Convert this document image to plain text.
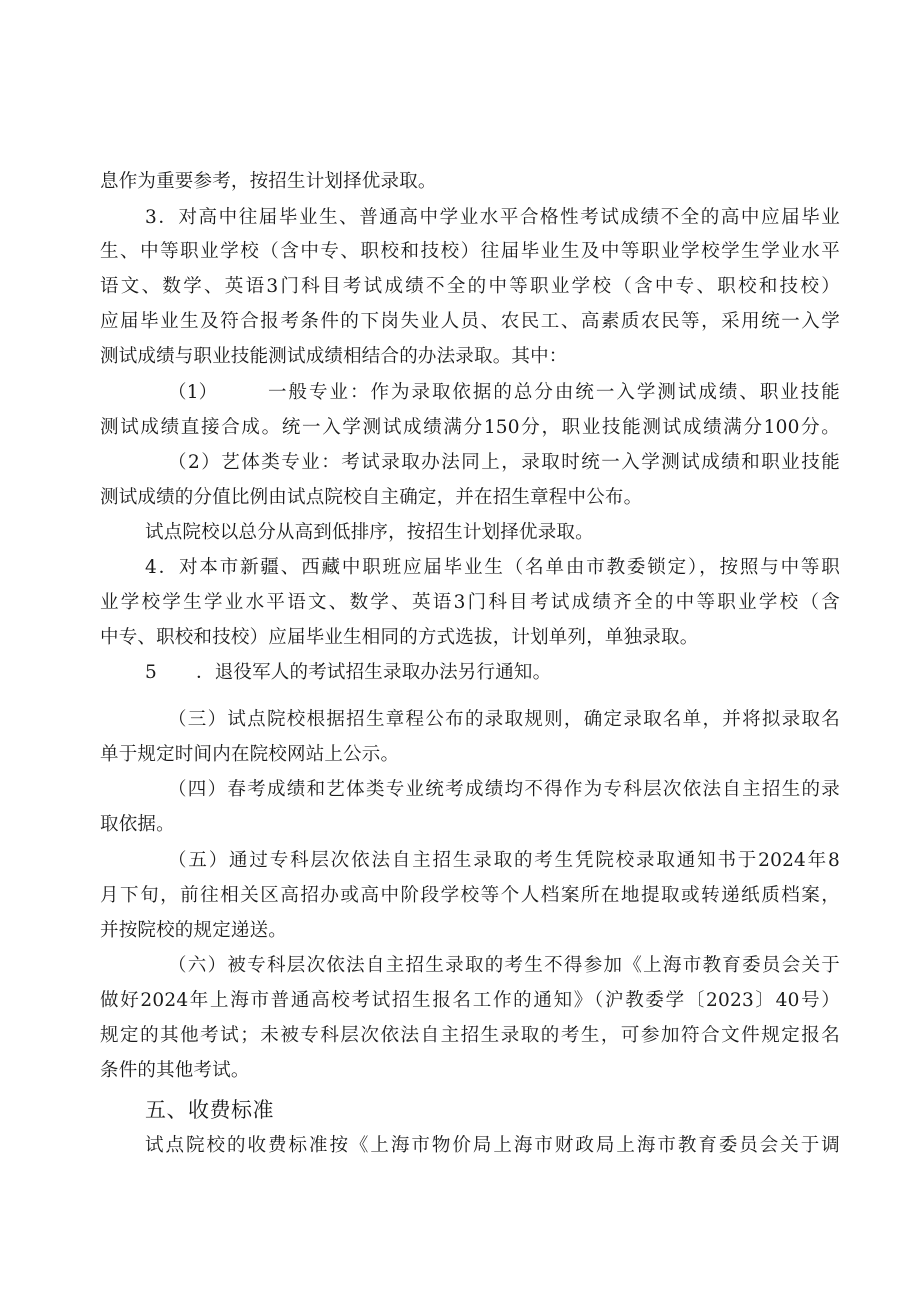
息作为重要参考，按招生计划择优录取。
3．对高中往届毕业生、普通高中学业水平合格性考试成绩不全的高中应届毕业
生、中等职业学校（含中专、职校和技校）往届毕业生及中等职业学校学生学业水平
语文、数学、英语3门科目考试成绩不全的中等职业学校（含中专、职校和技校）
应届毕业生及符合报考条件的下岗失业人员、农民工、高素质农民等，采用统一入学
测试成绩与职业技能测试成绩相结合的办法录取。其中：
（1）	一般专业：作为录取依据的总分由统一入学测试成绩、职业技能
测试成绩直接合成。统一入学测试成绩满分150分，职业技能测试成绩满分100分。
（2）艺体类专业：考试录取办法同上，录取时统一入学测试成绩和职业技能
测试成绩的分值比例由试点院校自主确定，并在招生章程中公布。
试点院校以总分从高到低排序，按招生计划择优录取。
4．对本市新疆、西藏中职班应届毕业生（名单由市教委锁定），按照与中等职
业学校学生学业水平语文、数学、英语3门科目考试成绩齐全的中等职业学校（含
中专、职校和技校）应届毕业生相同的方式选拔，计划单列，单独录取。
5	．退役军人的考试招生录取办法另行通知。
（三）试点院校根据招生章程公布的录取规则，确定录取名单，并将拟录取名
单于规定时间内在院校网站上公示。
（四）春考成绩和艺体类专业统考成绩均不得作为专科层次依法自主招生的录
取依据。
（五）通过专科层次依法自主招生录取的考生凭院校录取通知书于2024年8
月下旬，前往相关区高招办或高中阶段学校等个人档案所在地提取或转递纸质档案，
并按院校的规定递送。
（六）被专科层次依法自主招生录取的考生不得参加《上海市教育委员会关于
做好2024年上海市普通高校考试招生报名工作的通知》（沪教委学〔2023〕40号）
规定的其他考试；未被专科层次依法自主招生录取的考生，可参加符合文件规定报名
条件的其他考试。
五、收费标准
试点院校的收费标准按《上海市物价局上海市财政局上海市教育委员会关于调
